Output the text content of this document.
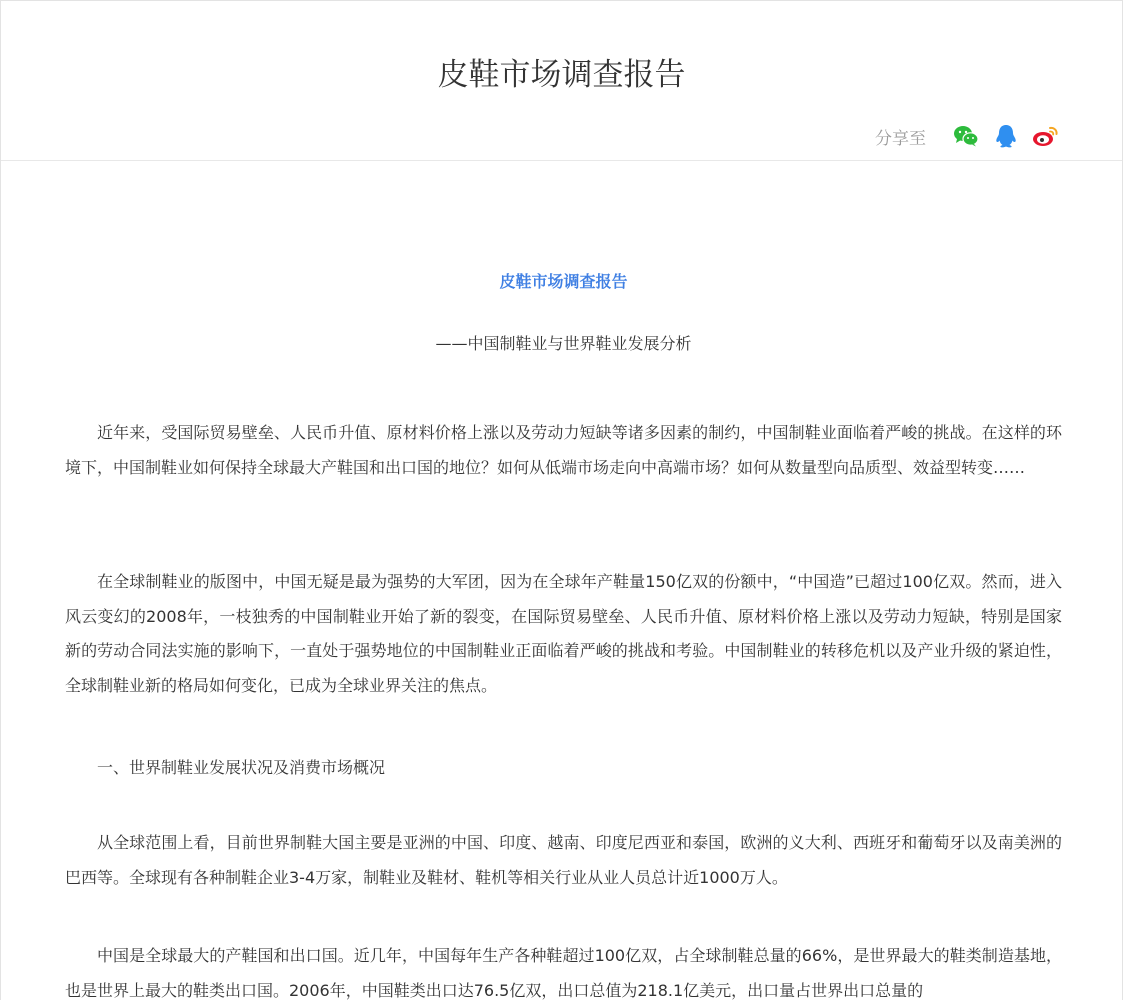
皮鞋市场调查报告
分享至
皮鞋市场调查报告
——中国制鞋业与世界鞋业发展分析

近年来，受国际贸易壁垒、人民币升值、原材料价格上涨以及劳动力短缺等诸多因素的制约，中国制鞋业面临着严峻的挑战。在这样的环境下，中国制鞋业如何保持全球最大产鞋国和出口国的地位？如何从低端市场走向中高端市场？如何从数量型向品质型、效益型转变……

在全球制鞋业的版图中，中国无疑是最为强势的大军团，因为在全球年产鞋量150亿双的份额中，“中国造”已超过100亿双。然而，进入风云变幻的2008年，一枝独秀的中国制鞋业开始了新的裂变，在国际贸易壁垒、人民币升值、原材料价格上涨以及劳动力短缺，特别是国家新的劳动合同法实施的影响下，一直处于强势地位的中国制鞋业正面临着严峻的挑战和考验。中国制鞋业的转移危机以及产业升级的紧迫性，全球制鞋业新的格局如何变化，已成为全球业界关注的焦点。

一、世界制鞋业发展状况及消费市场概况

从全球范围上看，目前世界制鞋大国主要是亚洲的中国、印度、越南、印度尼西亚和泰国，欧洲的义大利、西班牙和葡萄牙以及南美洲的巴西等。全球现有各种制鞋企业3-4万家，制鞋业及鞋材、鞋机等相关行业从业人员总计近1000万人。

中国是全球最大的产鞋国和出口国。近几年，中国每年生产各种鞋超过100亿双，占全球制鞋总量的66%，是世界最大的鞋类制造基地，也是世界上最大的鞋类出口国。2006年，中国鞋类出口达76.5亿双，出口总值为218.1亿美元，出口量占世界出口总量的
